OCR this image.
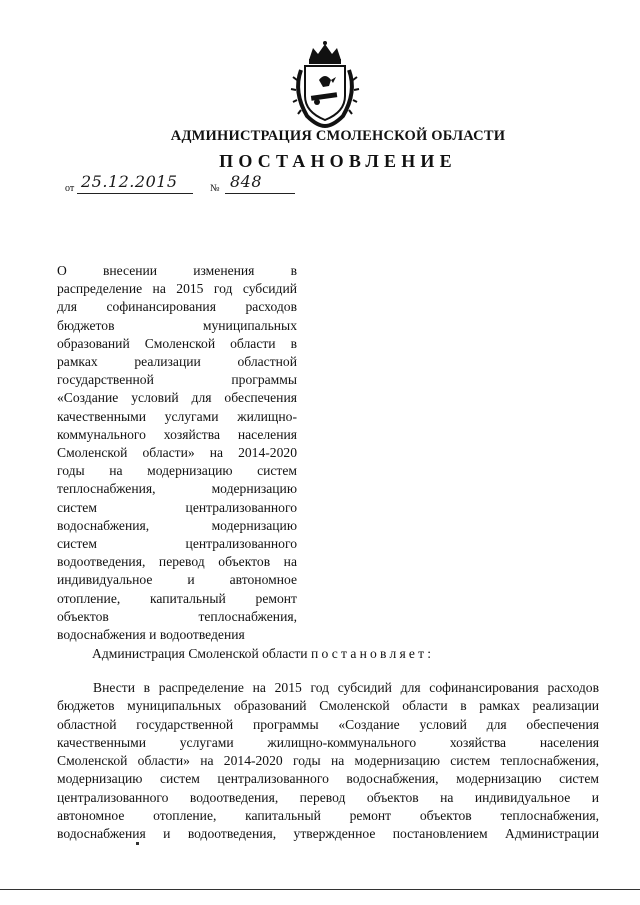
АДМИНИСТРАЦИЯ СМОЛЕНСКОЙ ОБЛАСТИ
ПОСТАНОВЛЕНИЕ
от 25.12.2015	№ 848
О внесении изменения в
распределение на 2015 год субсидий
для софинансирования расходов
бюджетов муниципальных
образований Смоленской области в
рамках реализации областной
государственной программы
«Создание условий для обеспечения
качественными услугами жилищно-
коммунального хозяйства населения
Смоленской области» на 2014-2020
годы на модернизацию систем
теплоснабжения, модернизацию
систем централизованного
водоснабжения, модернизацию
систем централизованного
водоотведения, перевод объектов на
индивидуальное и автономное
отопление, капитальный ремонт
объектов теплоснабжения,
водоснабжения и водоотведения
Администрация Смоленской области постановляет:
Внести в распределение на 2015 год субсидий для софинансирования расходов
бюджетов муниципальных образований Смоленской области в рамках реализации
областной государственной программы «Создание условий для обеспечения
качественными услугами жилищно-коммунального хозяйства населения
Смоленской области» на 2014-2020 годы на модернизацию систем теплоснабжения,
модернизацию систем централизованного водоснабжения, модернизацию систем
централизованного водоотведения, перевод объектов на индивидуальное и
автономное отопление, капитальный ремонт объектов теплоснабжения,
водоснабжения и водоотведения, утвержденное постановлением Администрации
